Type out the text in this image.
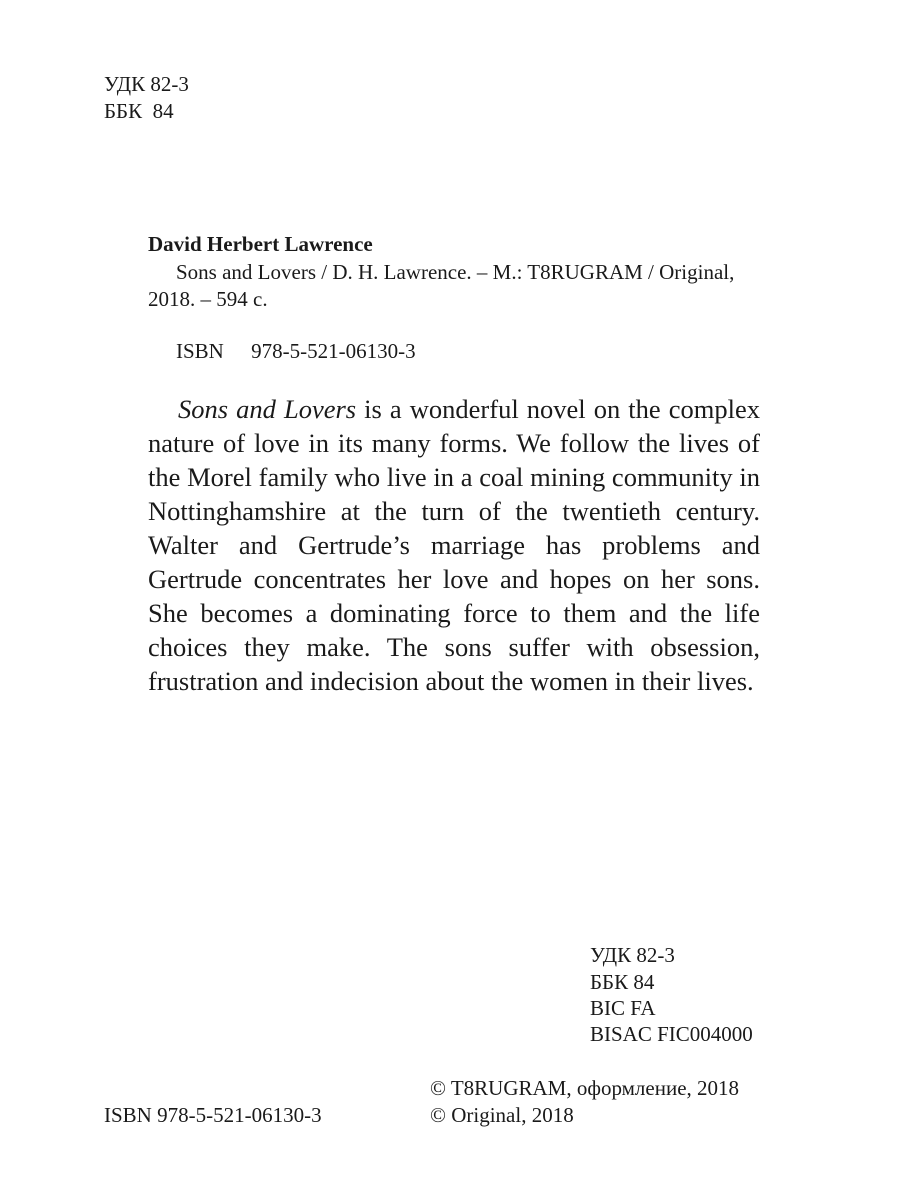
УДК 82-3
ББК  84
David Herbert Lawrence
Sons and Lovers / D. H. Lawrence. – M.: T8RUGRAM / Original,
2018. – 594 с.
ISBN 978-5-521-06130-3

Sons and Lovers is a wonderful novel on the complex nature of love in its many forms. We follow the lives of the Morel family who live in a coal mining community in Nottinghamshire at the turn of the twentieth century. Walter and Gertrude’s marriage has problems and Gertrude concentrates her love and hopes on her sons. She becomes a dominating force to them and the life choices they make. The sons suffer with obsession, frustration and indecision about the women in their lives.

УДК 82-3
ББК 84
BIC FA
BISAC FIC004000
ISBN 978-5-521-06130-3
© T8RUGRAM, оформление, 2018
© Original, 2018
